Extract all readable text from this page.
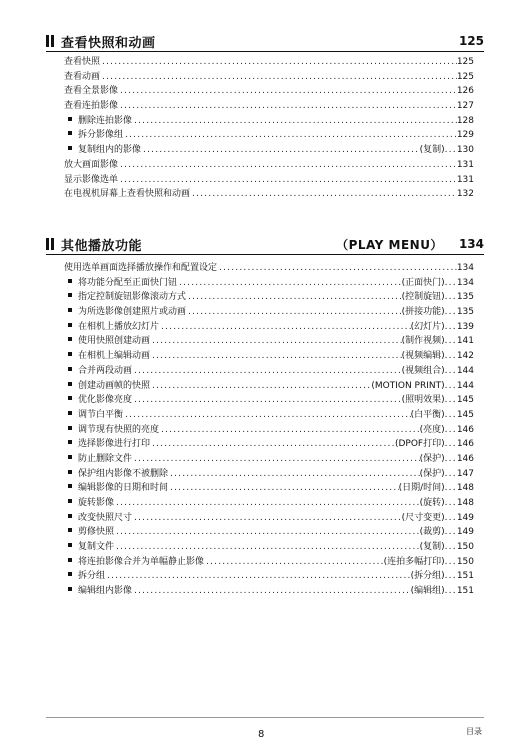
查看快照和动画	125
查看快照 .....	125
查看动画 .....	125
查看全景影像 .....	126
查看连拍影像 .....	127
删除连拍影像 .....	128
拆分影像组 .....	129
复制组内的影像 .....	(复制) ... 130
放大画面影像 .....	131
显示影像选单 .....	131
在电视机屏幕上查看快照和动画 .....	132
其他播放功能	（PLAY MENU） 134
使用选单画面选择播放操作和配置设定 .....	134
将功能分配至正面快门钮 .....	(正面快门) ... 134
指定控制旋钮影像滚动方式 .....	(控制旋钮) ... 135
为所选影像创建照片或动画 .....	(拼接功能) ... 135
在相机上播放幻灯片 .....	(幻灯片) ... 139
使用快照创建动画 .....	(制作视频) ... 141
在相机上编辑动画 .....	(视频编辑) ... 142
合并两段动画 .....	(视频组合) ... 144
创建动画帧的快照 .....	(MOTION PRINT) ... 144
优化影像亮度 .....	(照明效果) ... 145
调节白平衡 .....	(白平衡) ... 145
调节现有快照的亮度 .....	(亮度) ... 146
选择影像进行打印 .....	(DPOF打印) ... 146
防止删除文件 .....	(保护) ... 146
保护组内影像不被删除 .....	(保护) ... 147
编辑影像的日期和时间 .....	(日期/时间) ... 148
旋转影像 .....	(旋转) ... 148
改变快照尺寸 .....	(尺寸变更) ... 149
剪修快照 .....	(裁剪) ... 149
复制文件 .....	(复制) ... 150
将连拍影像合并为单幅静止影像 .....	(连拍多幅打印) ... 150
拆分组 .....	(拆分组) ... 151
编辑组内影像 .....	(编辑组) ... 151
8	目录
